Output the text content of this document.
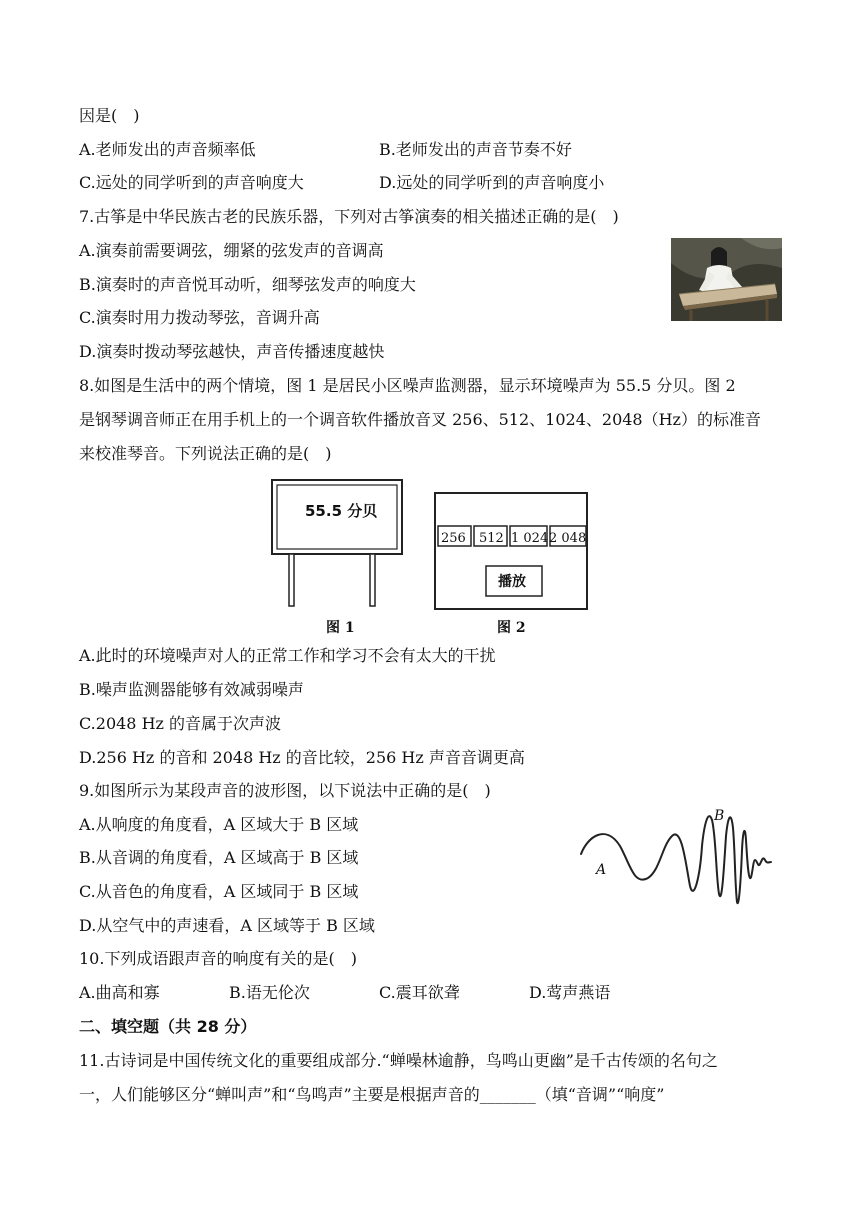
因是(　)
A.老师发出的声音频率低	B.老师发出的声音节奏不好
C.远处的同学听到的声音响度大	D.远处的同学听到的声音响度小
7.古筝是中华民族古老的民族乐器，下列对古筝演奏的相关描述正确的是(　)
A.演奏前需要调弦，绷紧的弦发声的音调高
B.演奏时的声音悦耳动听，细琴弦发声的响度大
C.演奏时用力拨动琴弦，音调升高
D.演奏时拨动琴弦越快，声音传播速度越快
8.如图是生活中的两个情境，图 1 是居民小区噪声监测器，显示环境噪声为 55.5 分贝。图 2
是钢琴调音师正在用手机上的一个调音软件播放音叉 256、512、1024、2048（Hz）的标准音
来校准琴音。下列说法正确的是(　)
55.5 分贝
图 1
256 512 1 024 2 048
播放
图 2
A.此时的环境噪声对人的正常工作和学习不会有太大的干扰
B.噪声监测器能够有效减弱噪声
C.2048 Hz 的音属于次声波
D.256 Hz 的音和 2048 Hz 的音比较，256 Hz 声音音调更高
9.如图所示为某段声音的波形图，以下说法中正确的是(　)
A.从响度的角度看，A 区域大于 B 区域
B.从音调的角度看，A 区域高于 B 区域
C.从音色的角度看，A 区域同于 B 区域
D.从空气中的声速看，A 区域等于 B 区域
A
B
10.下列成语跟声音的响度有关的是(　)
A.曲高和寡	B.语无伦次	C.震耳欲聋	D.莺声燕语
二、填空题（共 28 分）
11.古诗词是中国传统文化的重要组成部分.“蝉噪林逾静，鸟鸣山更幽”是千古传颂的名句之
一，人们能够区分“蝉叫声”和“鸟鸣声”主要是根据声音的_______（填“音调”“响度”
